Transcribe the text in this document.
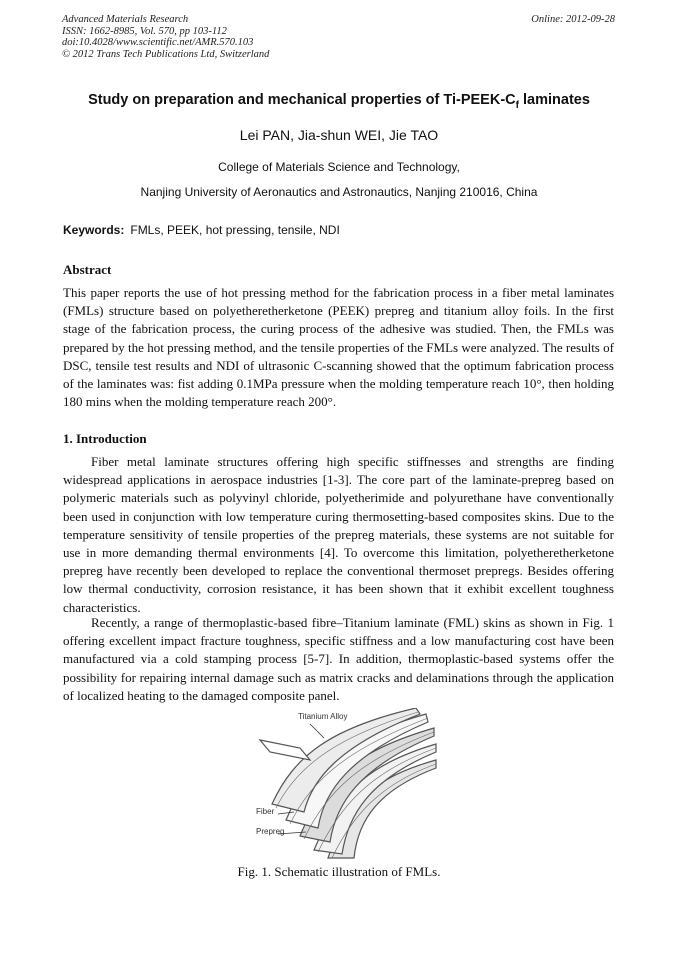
Advanced Materials Research
ISSN: 1662-8985, Vol. 570, pp 103-112
doi:10.4028/www.scientific.net/AMR.570.103
© 2012 Trans Tech Publications Ltd, Switzerland
Online: 2012-09-28
Study on preparation and mechanical properties of $Ti-PEEK-C_f$ laminates
Lei PAN, Jia-shun WEI, Jie TAO
College of Materials Science and Technology,
Nanjing University of Aeronautics and Astronautics, Nanjing 210016, China
Keywords: FMLs, PEEK, hot pressing, tensile, NDI
Abstract

This paper reports the use of hot pressing method for the fabrication process in a fiber metal laminates (FMLs) structure based on polyetheretherketone (PEEK) prepreg and titanium alloy foils. In the first stage of the fabrication process, the curing process of the adhesive was studied. Then, the FMLs was prepared by the hot pressing method, and the tensile properties of the FMLs were analyzed. The results of DSC, tensile test results and NDI of ultrasonic C-scanning showed that the optimum fabrication process of the laminates was: fist adding 0.1MPa pressure when the molding temperature reach 10°, then holding 180 mins when the molding temperature reach 200°.

1. Introduction

Fiber metal laminate structures offering high specific stiffnesses and strengths are finding widespread applications in aerospace industries [1-3]. The core part of the laminate-prepreg based on polymeric materials such as polyvinyl chloride, polyetherimide and polyurethane have conventionally been used in conjunction with low temperature curing thermosetting-based composites skins. Due to the temperature sensitivity of tensile properties of the prepreg materials, these systems are not suitable for use in more demanding thermal environments [4]. To overcome this limitation, polyetheretherketone prepreg have recently been developed to replace the conventional thermoset prepregs. Besides offering low thermal conductivity, corrosion resistance, it has been shown that it exhibit excellent toughness characteristics.

Recently, a range of thermoplastic-based fibre–Titanium laminate (FML) skins as shown in Fig. 1 offering excellent impact fracture toughness, specific stiffness and a low manufacturing cost have been manufactured via a cold stamping process [5-7]. In addition, thermoplastic-based systems offer the possibility for repairing internal damage such as matrix cracks and delaminations through the application of localized heating to the damaged composite panel.

Titanium Alloy
Fiber
Prepreg
Fig. 1. Schematic illustration of FMLs.
